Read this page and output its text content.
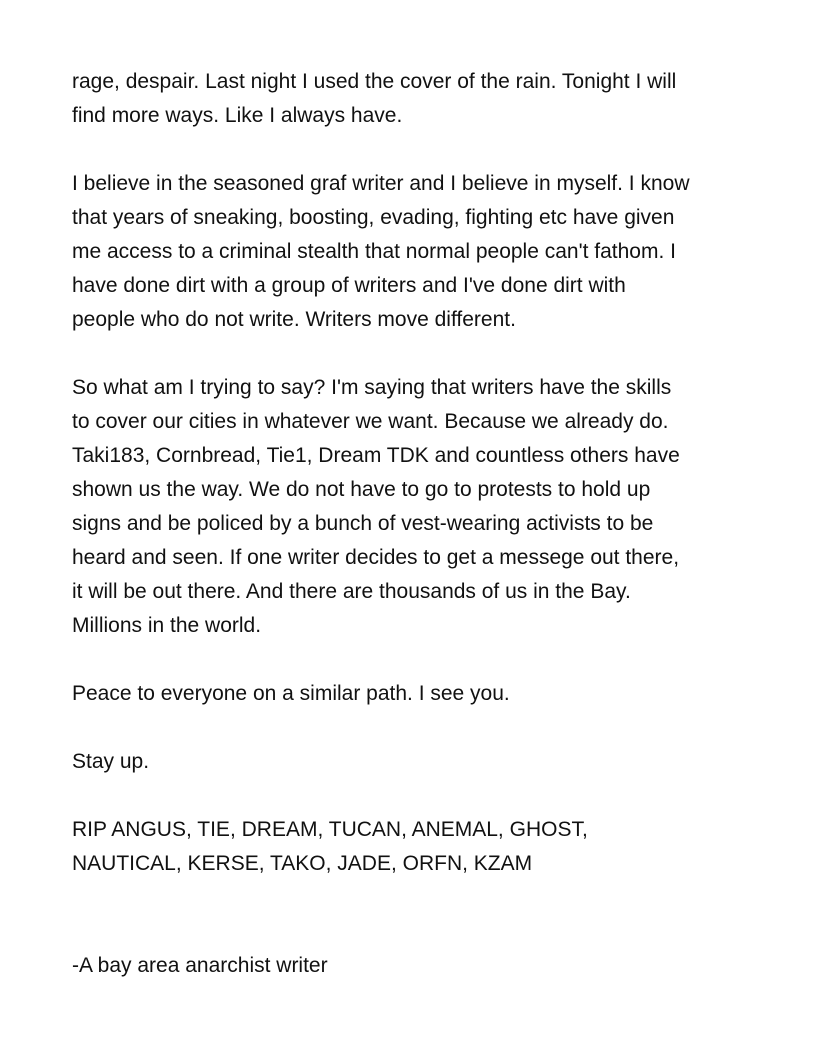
rage, despair. Last night I used the cover of the rain. Tonight I will
find more ways. Like I always have.

I believe in the seasoned graf writer and I believe in myself. I know
that years of sneaking, boosting, evading, fighting etc have given
me access to a criminal stealth that normal people can't fathom. I
have done dirt with a group of writers and I've done dirt with
people who do not write. Writers move different.

So what am I trying to say? I'm saying that writers have the skills
to cover our cities in whatever we want. Because we already do.
Taki183, Cornbread, Tie1, Dream TDK and countless others have
shown us the way. We do not have to go to protests to hold up
signs and be policed by a bunch of vest-wearing activists to be
heard and seen. If one writer decides to get a messege out there,
it will be out there. And there are thousands of us in the Bay.
Millions in the world.

Peace to everyone on a similar path. I see you.

Stay up.

RIP ANGUS, TIE, DREAM, TUCAN, ANEMAL, GHOST,
NAUTICAL, KERSE, TAKO, JADE, ORFN, KZAM

-A bay area anarchist writer
